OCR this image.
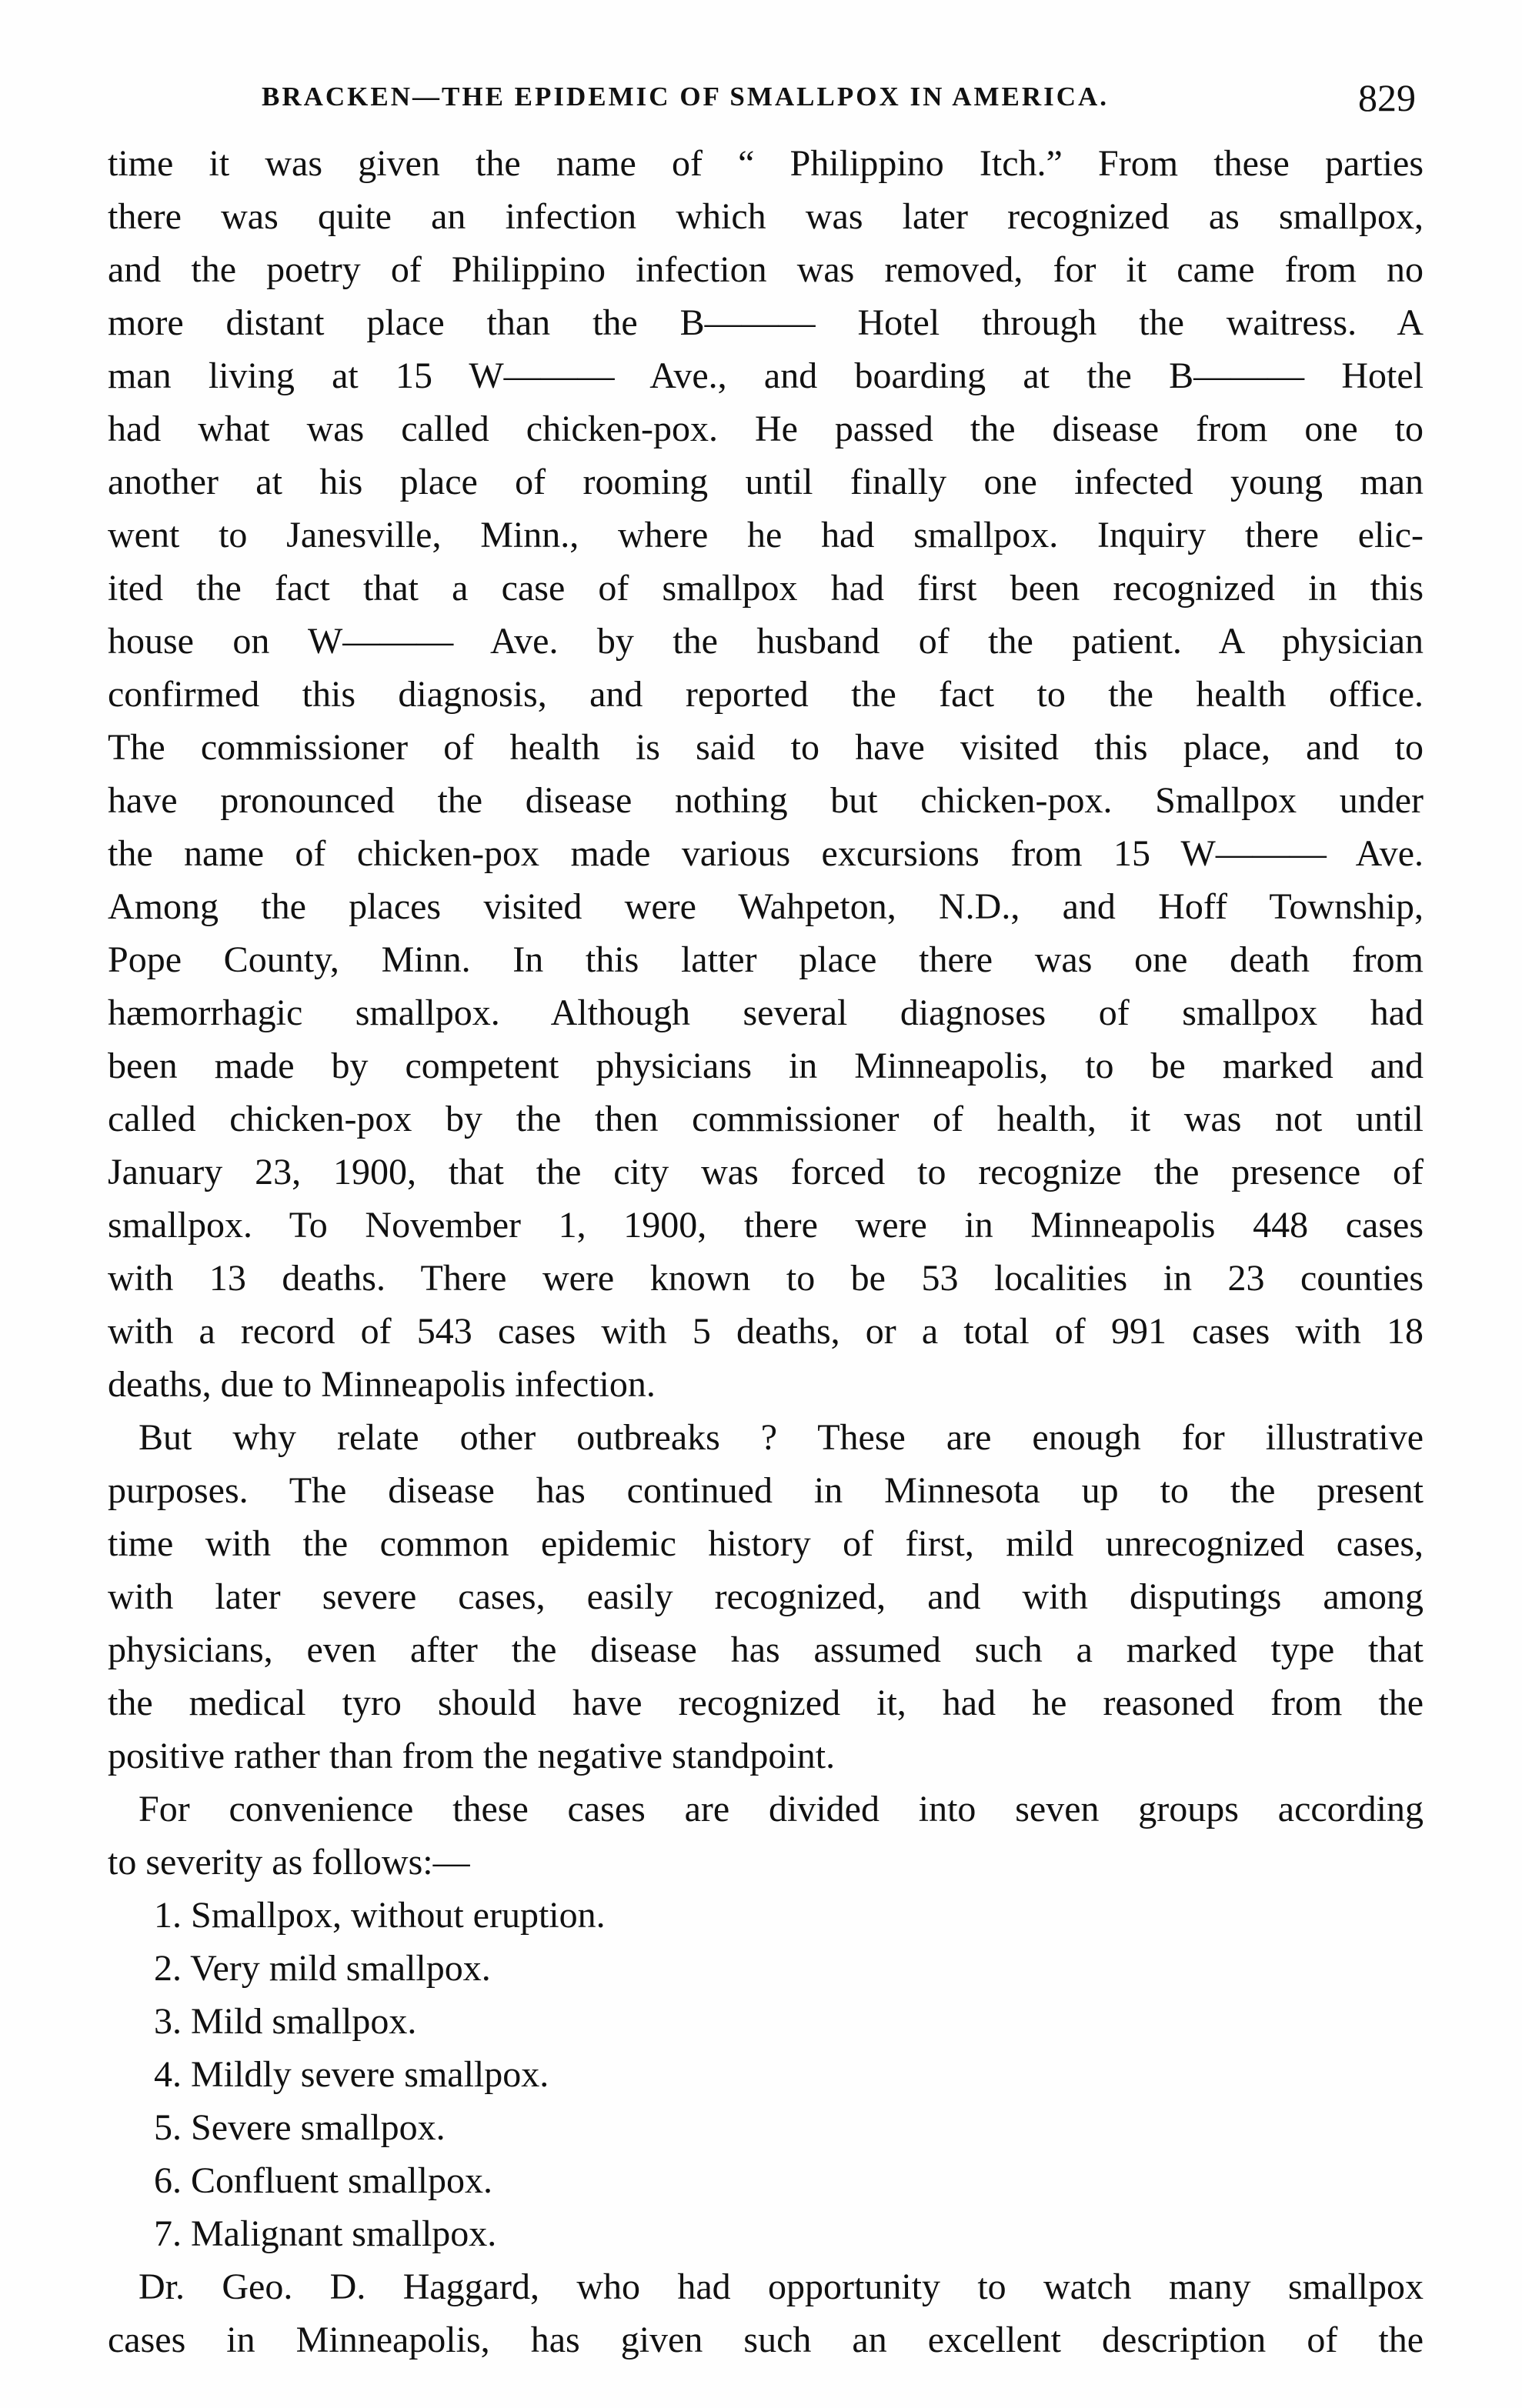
BRACKEN—THE EPIDEMIC OF SMALLPOX IN AMERICA.	829
time it was given the name of “ Philippino Itch.” From these parties
there was quite an infection which was later recognized as smallpox,
and the poetry of Philippino infection was removed, for it came from no
more distant place than the B——— Hotel through the waitress. A
man living at 15 W——— Ave., and boarding at the B——— Hotel
had what was called chicken-pox. He passed the disease from one to
another at his place of rooming until finally one infected young man
went to Janesville, Minn., where he had smallpox. Inquiry there elic-
ited the fact that a case of smallpox had first been recognized in this
house on W——— Ave. by the husband of the patient. A physician
confirmed this diagnosis, and reported the fact to the health office.
The commissioner of health is said to have visited this place, and to
have pronounced the disease nothing but chicken-pox. Smallpox under
the name of chicken-pox made various excursions from 15 W——— Ave.
Among the places visited were Wahpeton, N.D., and Hoff Township,
Pope County, Minn. In this latter place there was one death from
hæmorrhagic smallpox. Although several diagnoses of smallpox had
been made by competent physicians in Minneapolis, to be marked and
called chicken-pox by the then commissioner of health, it was not until
January 23, 1900, that the city was forced to recognize the presence of
smallpox. To November 1, 1900, there were in Minneapolis 448 cases
with 13 deaths. There were known to be 53 localities in 23 counties
with a record of 543 cases with 5 deaths, or a total of 991 cases with 18
deaths, due to Minneapolis infection.
But why relate other outbreaks ? These are enough for illustrative
purposes. The disease has continued in Minnesota up to the present
time with the common epidemic history of first, mild unrecognized cases,
with later severe cases, easily recognized, and with disputings among
physicians, even after the disease has assumed such a marked type that
the medical tyro should have recognized it, had he reasoned from the
positive rather than from the negative standpoint.
For convenience these cases are divided into seven groups according
to severity as follows:—
1. Smallpox, without eruption.
2. Very mild smallpox.
3. Mild smallpox.
4. Mildly severe smallpox.
5. Severe smallpox.
6. Confluent smallpox.
7. Malignant smallpox.
Dr. Geo. D. Haggard, who had opportunity to watch many smallpox
cases in Minneapolis, has given such an excellent description of the
